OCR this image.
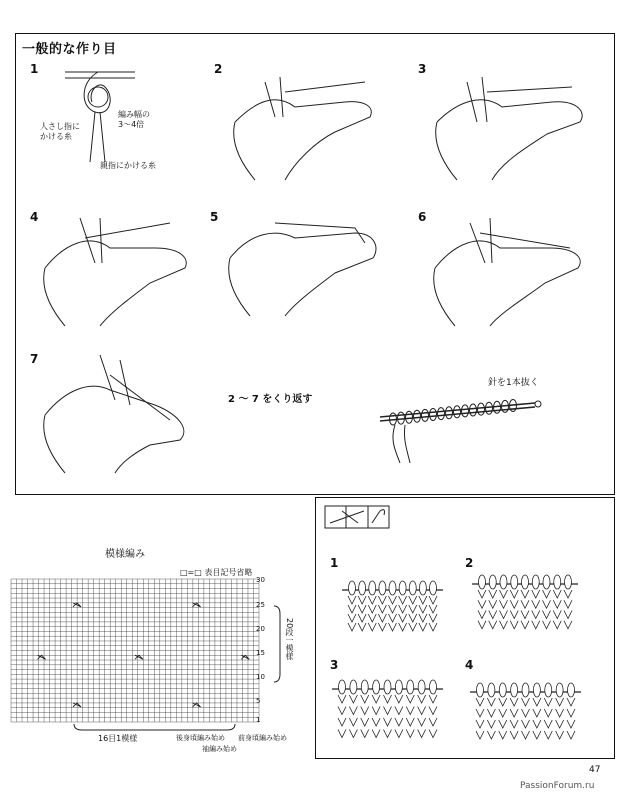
一般的な作り目
1	2	3
4	5	6
7
人さし指に
かける糸
編み幅の
3〜4倍
親指にかける糸
2 〜 7 をくり返す
針を1本抜く
模様編み
□=□ 表目記号省略
30
25
20
15
10
5
1
20段一模様
16目1模様	後身頃編み始め 前身頃編み始め
袖編み始め
1	2
3	4
47
PassionForum.ru
